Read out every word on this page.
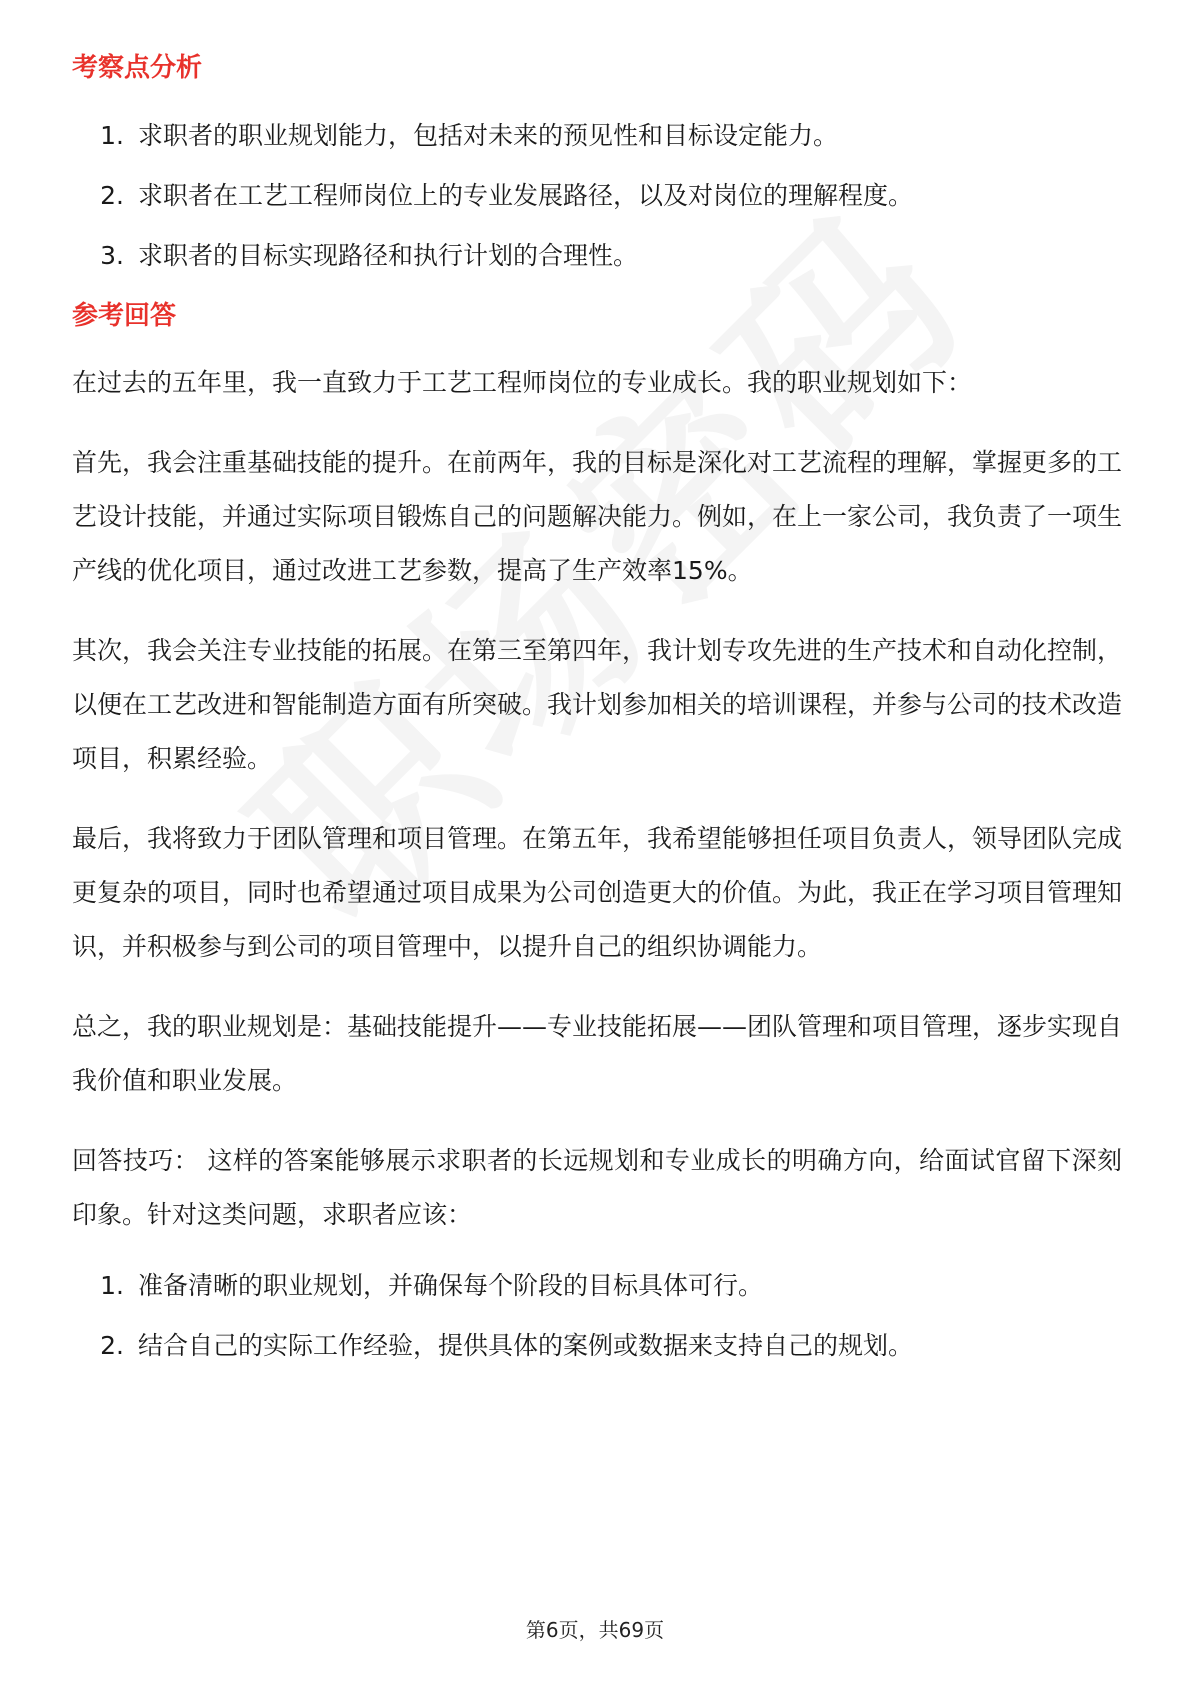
考察点分析
1. 求职者的职业规划能力，包括对未来的预见性和目标设定能力。
2. 求职者在工艺工程师岗位上的专业发展路径，以及对岗位的理解程度。
3. 求职者的目标实现路径和执行计划的合理性。
参考回答

在过去的五年里，我一直致力于工艺工程师岗位的专业成长。我的职业规划如下：

首先，我会注重基础技能的提升。在前两年，我的目标是深化对工艺流程的理解，掌握更多的工艺设计技能，并通过实际项目锻炼自己的问题解决能力。例如，在上一家公司，我负责了一项生产线的优化项目，通过改进工艺参数，提高了生产效率15%。

其次，我会关注专业技能的拓展。在第三至第四年，我计划专攻先进的生产技术和自动化控制，以便在工艺改进和智能制造方面有所突破。我计划参加相关的培训课程，并参与公司的技术改造项目，积累经验。

最后，我将致力于团队管理和项目管理。在第五年，我希望能够担任项目负责人，领导团队完成更复杂的项目，同时也希望通过项目成果为公司创造更大的价值。为此，我正在学习项目管理知识，并积极参与到公司的项目管理中，以提升自己的组织协调能力。

总之，我的职业规划是：基础技能提升——专业技能拓展——团队管理和项目管理，逐步实现自我价值和职业发展。

回答技巧： 这样的答案能够展示求职者的长远规划和专业成长的明确方向，给面试官留下深刻印象。针对这类问题，求职者应该：

1. 准备清晰的职业规划，并确保每个阶段的目标具体可行。
2. 结合自己的实际工作经验，提供具体的案例或数据来支持自己的规划。
第6页，共69页
